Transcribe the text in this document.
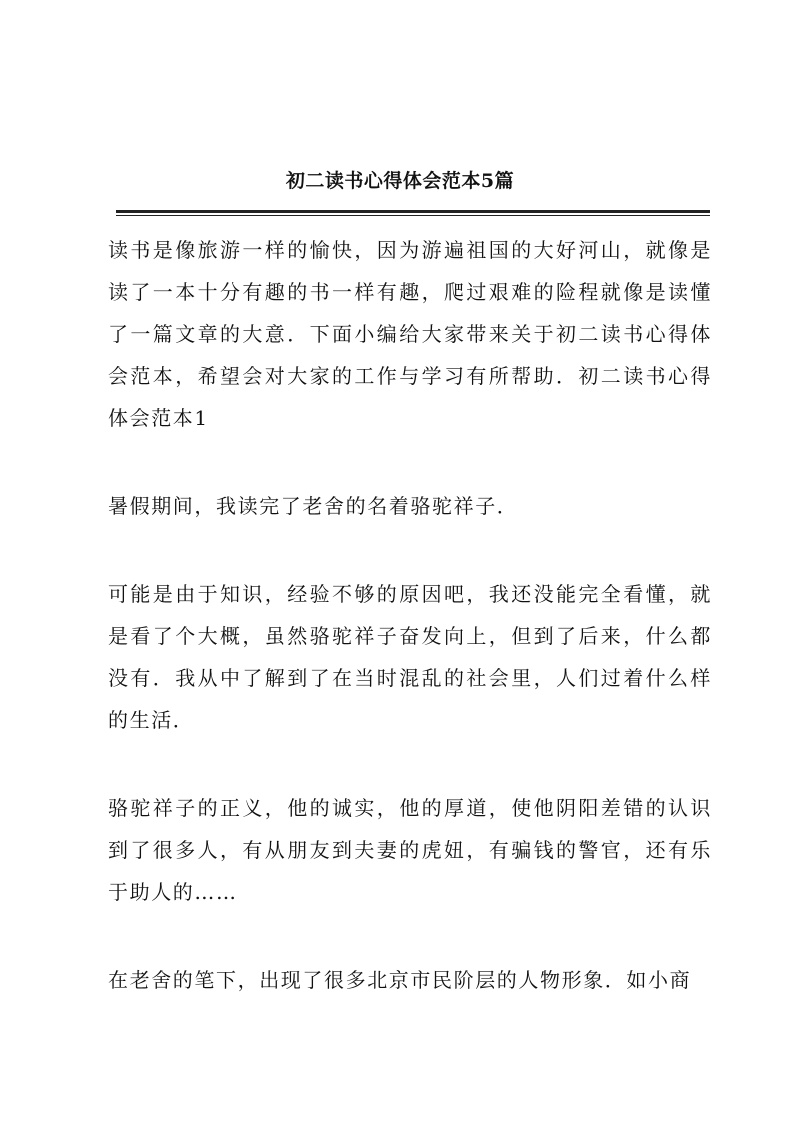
初二读书心得体会范本5篇

读书是像旅游一样的愉快，因为游遍祖国的大好河山，就像是读了一本十分有趣的书一样有趣，爬过艰难的险程就像是读懂了一篇文章的大意．下面小编给大家带来关于初二读书心得体会范本，希望会对大家的工作与学习有所帮助．初二读书心得体会范本1

暑假期间，我读完了老舍的名着骆驼祥子．

可能是由于知识，经验不够的原因吧，我还没能完全看懂，就是看了个大概，虽然骆驼祥子奋发向上，但到了后来，什么都没有．我从中了解到了在当时混乱的社会里，人们过着什么样的生活．

骆驼祥子的正义，他的诚实，他的厚道，使他阴阳差错的认识到了很多人，有从朋友到夫妻的虎妞，有骗钱的警官，还有乐于助人的……

在老舍的笔下，出现了很多北京市民阶层的人物形象．如小商
